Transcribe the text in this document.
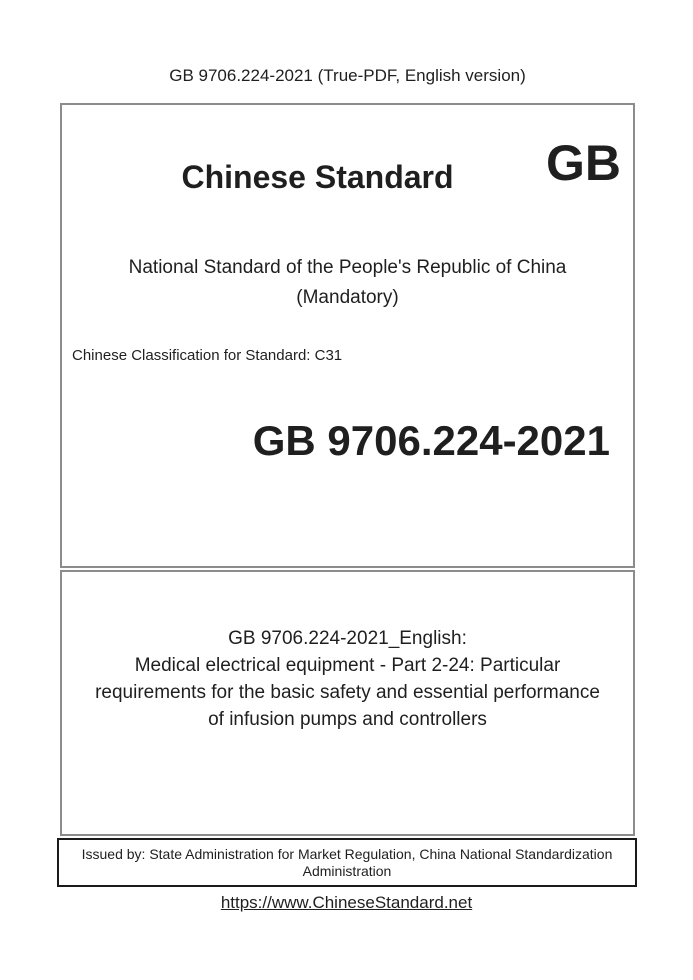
GB 9706.224-2021 (True-PDF, English version)
Chinese Standard	GB
National Standard of the People's Republic of China
(Mandatory)
Chinese Classification for Standard: C31
GB 9706.224-2021
GB 9706.224-2021_English:
Medical electrical equipment - Part 2-24: Particular
requirements for the basic safety and essential performance
of infusion pumps and controllers
Issued by: State Administration for Market Regulation, China National Standardization
Administration
https://www.ChineseStandard.net
